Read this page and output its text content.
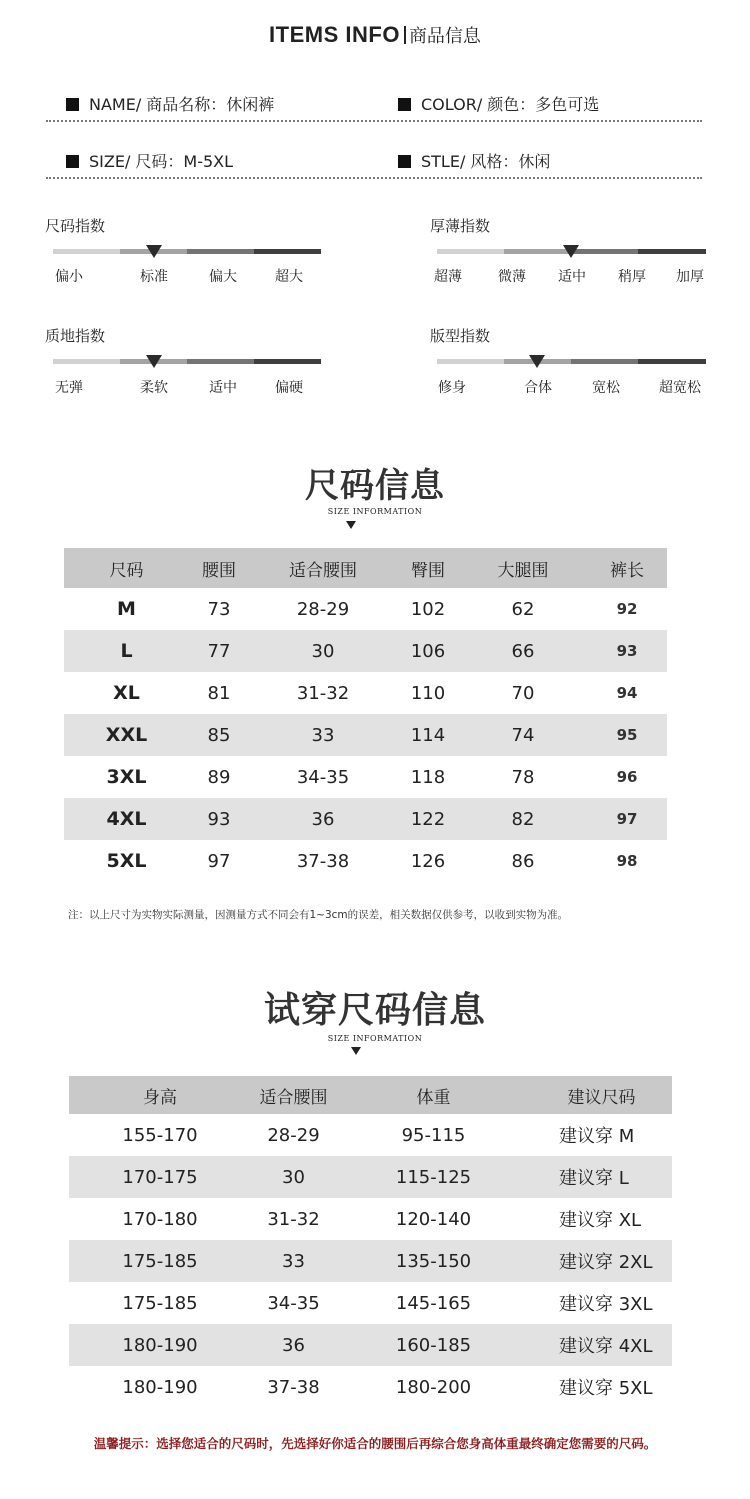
ITEMS INFO 商品信息
NAME/ 商品名称：休闲裤	COLOR/ 颜色：多色可选
SIZE/ 尺码：M-5XL	STLE/ 风格：休闲
尺码指数
偏小	标准	偏大	超大
厚薄指数
超薄	微薄 适中 稍厚 加厚
质地指数
无弹	柔软	适中	偏硬
版型指数
修身	合体	宽松	超宽松
尺码信息
SIZE INFORMATION
尺码	腰围	适合腰围	臀围	大腿围	裤长
M	73	28-29	102	62	92
L	77	30	106	66	93
XL	81	31-32	110	70	94
XXL	85	33	114	74	95
3XL	89	34-35	118	78	96
4XL	93	36	122	82	97
5XL	97	37-38	126	86	98
注：以上尺寸为实物实际测量，因测量方式不同会有1~3cm的误差，相关数据仅供参考，以收到实物为准。
试穿尺码信息
SIZE INFORMATION
身高	适合腰围	体重	建议尺码
155-170	28-29	95-115	建议穿 M
170-175	30	115-125	建议穿 L
170-180	31-32	120-140	建议穿 XL
175-185	33	135-150	建议穿 2XL
175-185	34-35	145-165	建议穿 3XL
180-190	36	160-185	建议穿 4XL
180-190	37-38	180-200	建议穿 5XL
温馨提示：选择您适合的尺码时，先选择好你适合的腰围后再综合您身高体重最终确定您需要的尺码。
